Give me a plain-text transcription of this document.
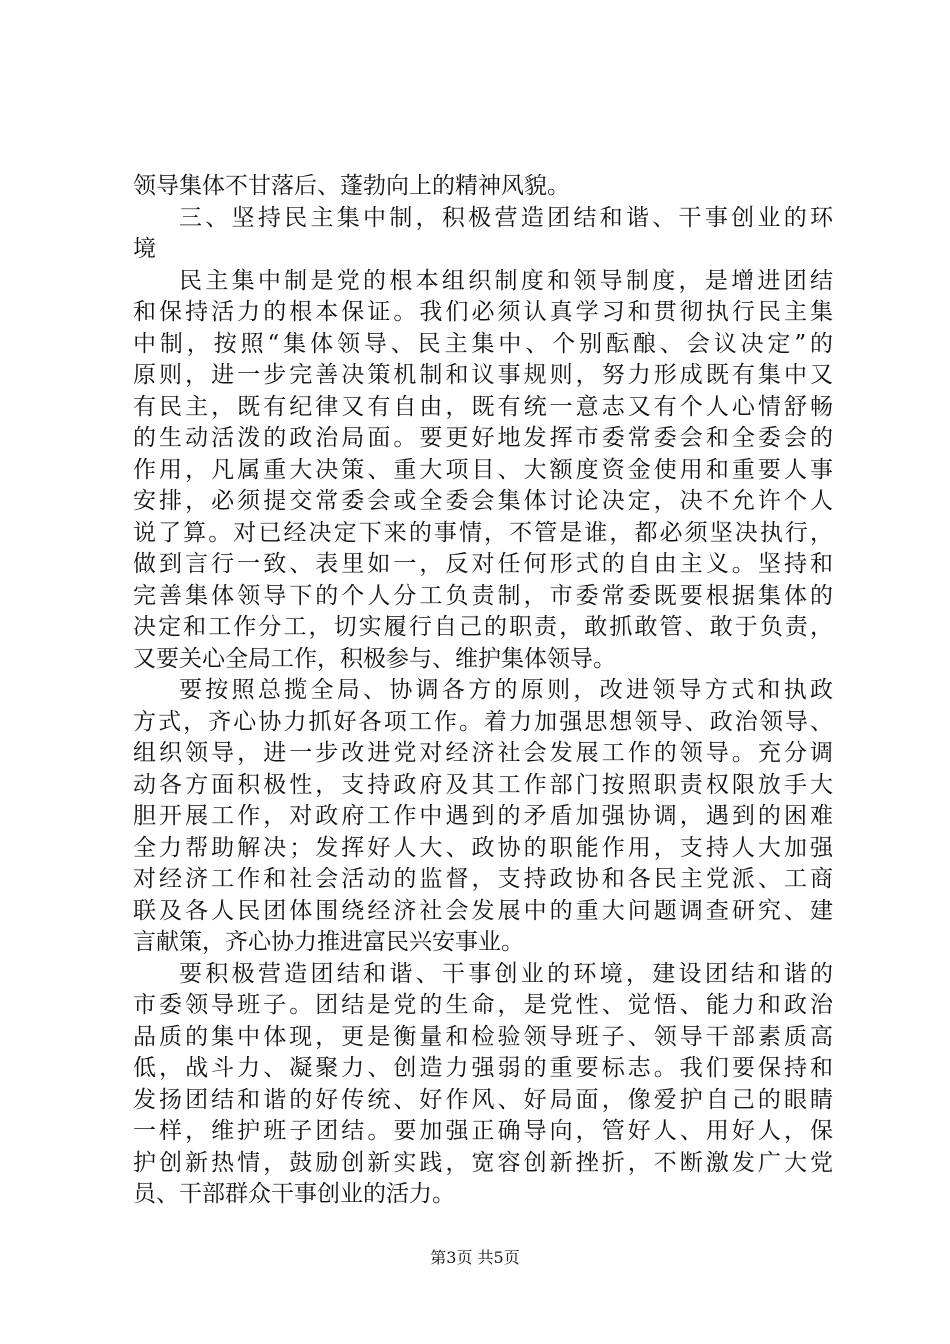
领导集体不甘落后、蓬勃向上的精神风貌。
三、坚持民主集中制，积极营造团结和谐、干事创业的环
境
民主集中制是党的根本组织制度和领导制度，是增进团结
和保持活力的根本保证。我们必须认真学习和贯彻执行民主集
中制，按照“集体领导、民主集中、个别酝酿、会议决定”的
原则，进一步完善决策机制和议事规则，努力形成既有集中又
有民主，既有纪律又有自由，既有统一意志又有个人心情舒畅
的生动活泼的政治局面。要更好地发挥市委常委会和全委会的
作用，凡属重大决策、重大项目、大额度资金使用和重要人事
安排，必须提交常委会或全委会集体讨论决定，决不允许个人
说了算。对已经决定下来的事情，不管是谁，都必须坚决执行，
做到言行一致、表里如一，反对任何形式的自由主义。坚持和
完善集体领导下的个人分工负责制，市委常委既要根据集体的
决定和工作分工，切实履行自己的职责，敢抓敢管、敢于负责，
又要关心全局工作，积极参与、维护集体领导。
要按照总揽全局、协调各方的原则，改进领导方式和执政
方式，齐心协力抓好各项工作。着力加强思想领导、政治领导、
组织领导，进一步改进党对经济社会发展工作的领导。充分调
动各方面积极性，支持政府及其工作部门按照职责权限放手大
胆开展工作，对政府工作中遇到的矛盾加强协调，遇到的困难
全力帮助解决；发挥好人大、政协的职能作用，支持人大加强
对经济工作和社会活动的监督，支持政协和各民主党派、工商
联及各人民团体围绕经济社会发展中的重大问题调查研究、建
言献策，齐心协力推进富民兴安事业。
要积极营造团结和谐、干事创业的环境，建设团结和谐的
市委领导班子。团结是党的生命，是党性、觉悟、能力和政治
品质的集中体现，更是衡量和检验领导班子、领导干部素质高
低，战斗力、凝聚力、创造力强弱的重要标志。我们要保持和
发扬团结和谐的好传统、好作风、好局面，像爱护自己的眼睛
一样，维护班子团结。要加强正确导向，管好人、用好人，保
护创新热情，鼓励创新实践，宽容创新挫折，不断激发广大党
员、干部群众干事创业的活力。
第3页 共5页
